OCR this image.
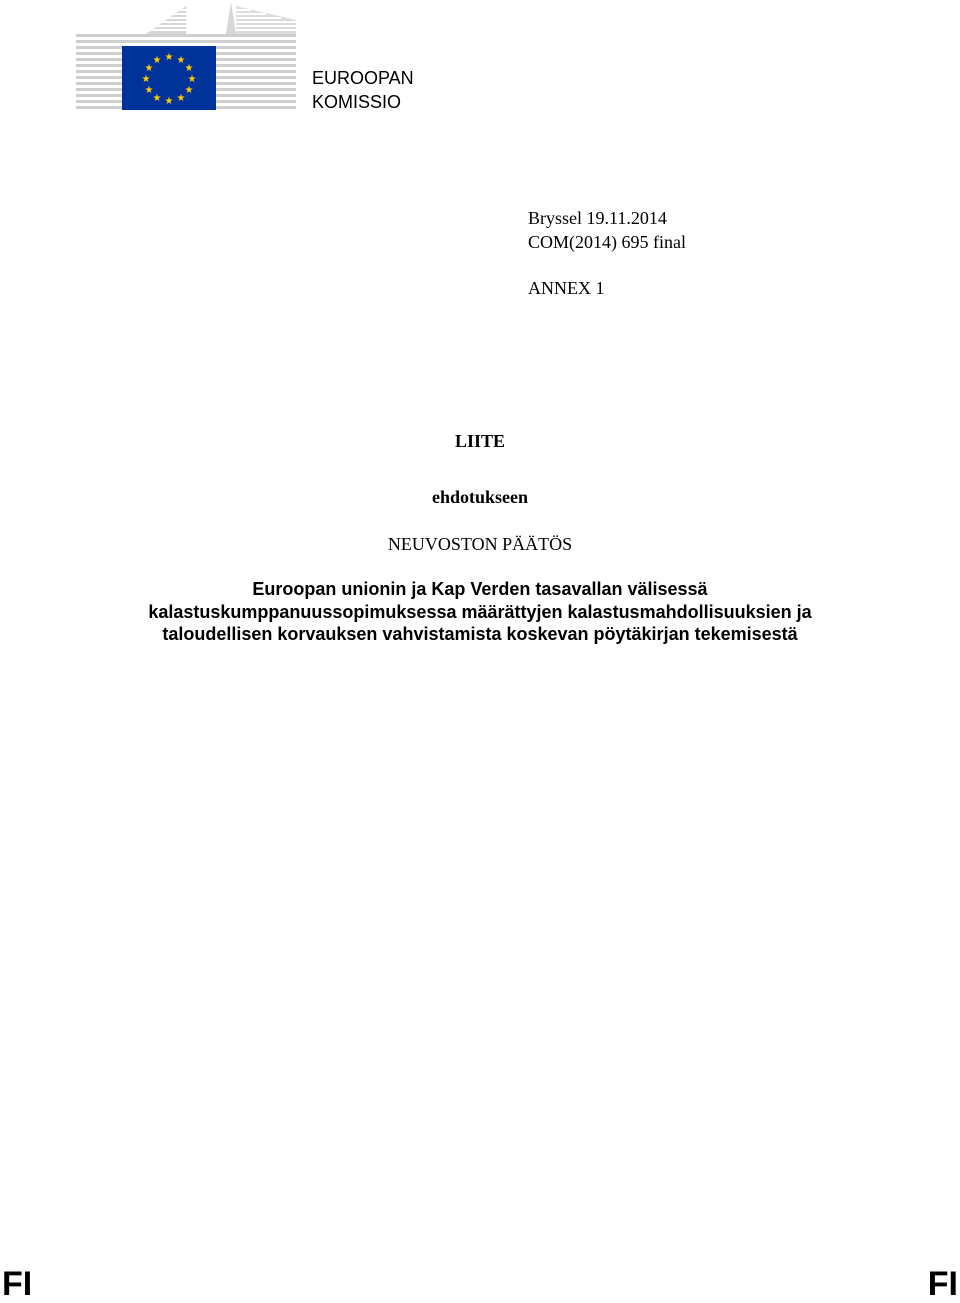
★ ★
★
★
★
★
★
★
★
★
★
★
EUROOPAN
KOMISSIO
Bryssel 19.11.2014
COM(2014) 695 final
ANNEX 1
LIITE
ehdotukseen
NEUVOSTON PÄÄTÖS
Euroopan unionin ja Kap Verden tasavallan välisessä
kalastuskumppanuussopimuksessa määrättyjen kalastusmahdollisuuksien ja
taloudellisen korvauksen vahvistamista koskevan pöytäkirjan tekemisestä
FI	FI
